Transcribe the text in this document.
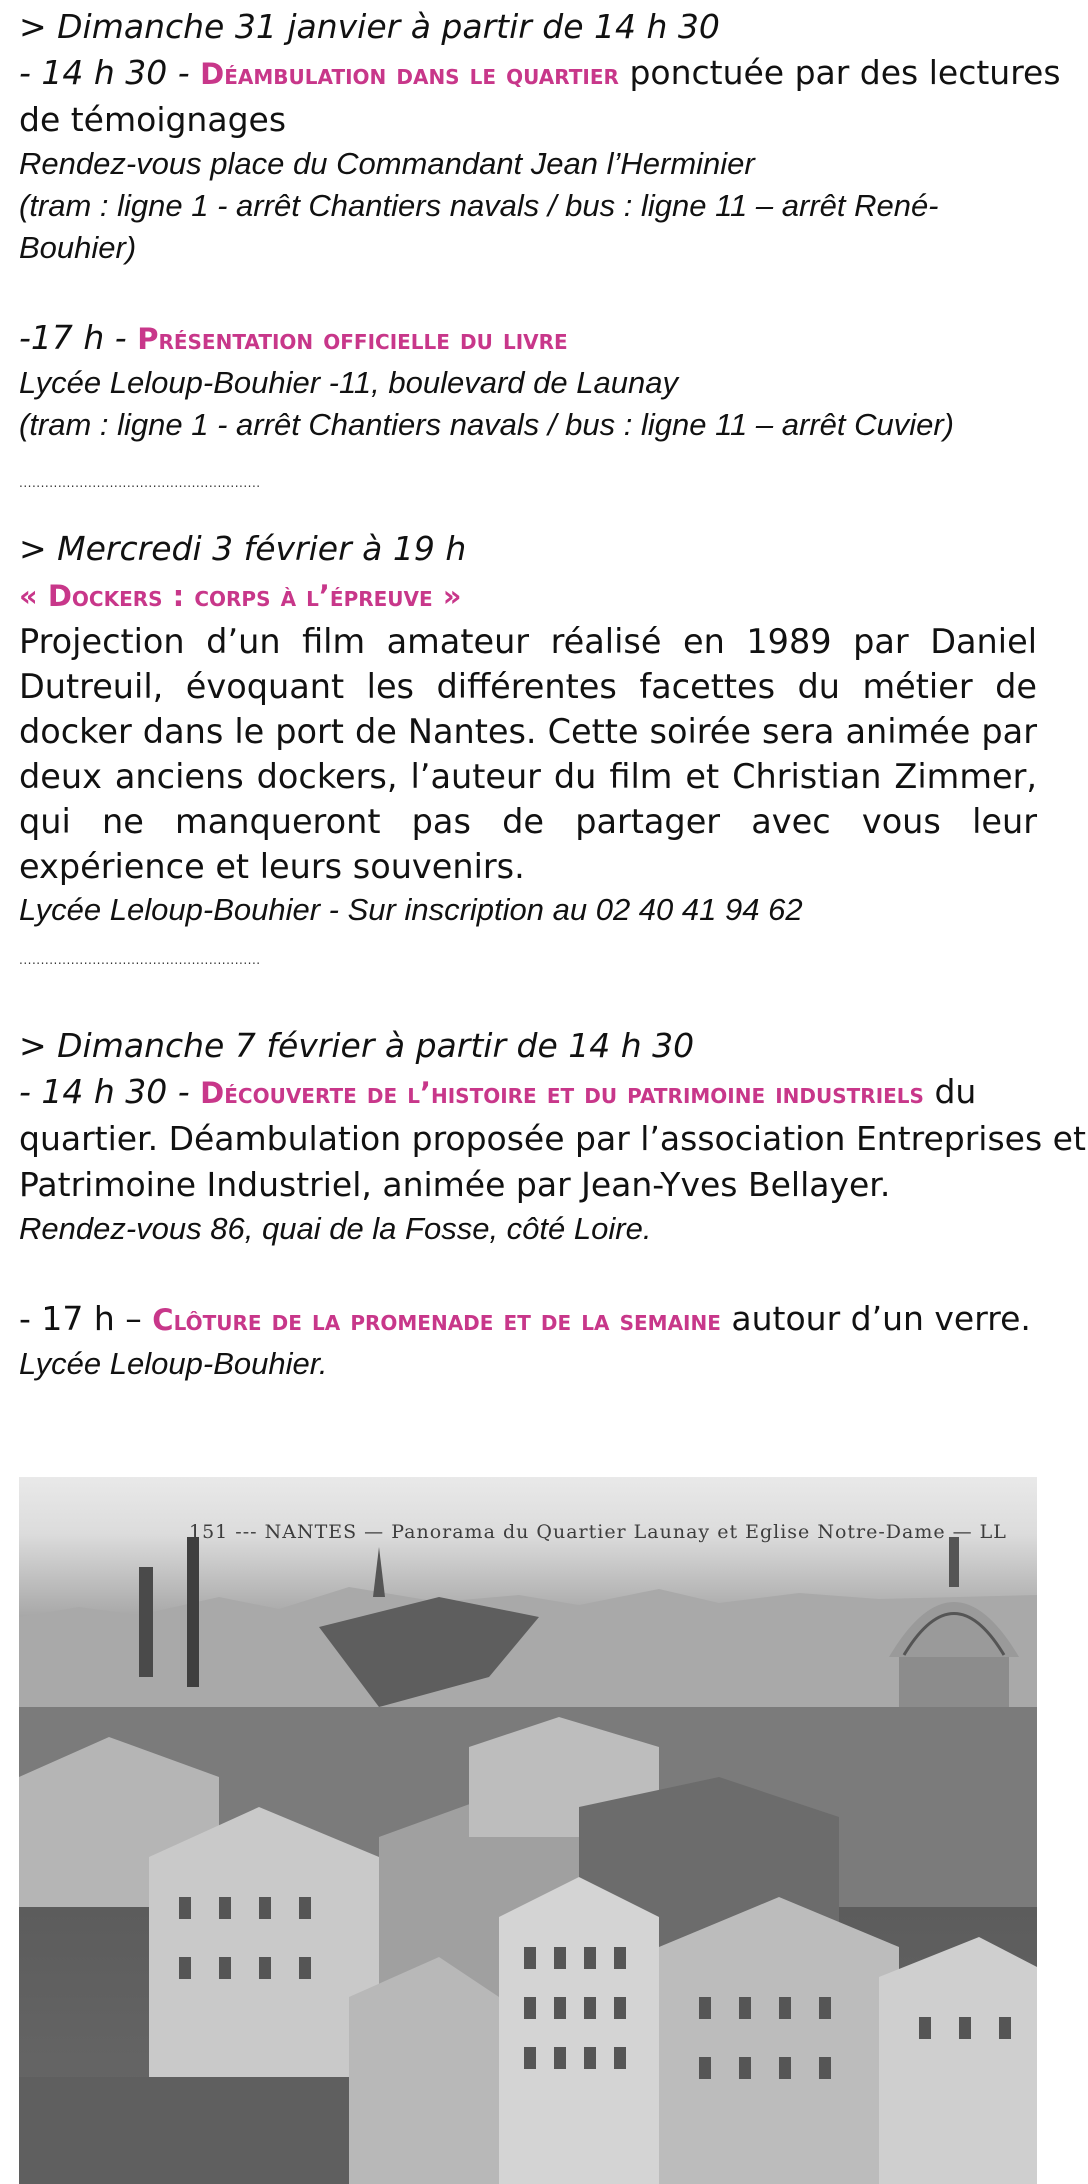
> Dimanche 31 janvier à partir de 14 h 30
- 14 h 30 - Déambulation dans le quartier ponctuée par des lectures
de témoignages
Rendez-vous place du Commandant Jean l’Herminier
(tram : ligne 1 - arrêt Chantiers navals / bus : ligne 11 – arrêt René-
Bouhier)
-17 h - Présentation officielle du livre
Lycée Leloup-Bouhier -11, boulevard de Launay
(tram : ligne 1 - arrêt Chantiers navals / bus : ligne 11 – arrêt Cuvier)
........................................................
> Mercredi 3 février à 19 h
« Dockers : corps à l’épreuve »
Projection d’un film amateur réalisé en 1989 par Daniel Dutreuil, évoquant les différentes facettes du métier de docker dans le port de Nantes. Cette soirée sera animée par deux anciens dockers, l’auteur du film et Christian Zimmer, qui ne manqueront pas de partager avec vous leur expérience et leurs souvenirs.
Lycée Leloup-Bouhier - Sur inscription au 02 40 41 94 62
........................................................
> Dimanche 7 février à partir de 14 h 30
- 14 h 30 - Découverte de l’histoire et du patrimoine industriels du
quartier. Déambulation proposée par l’association Entreprises et
Patrimoine Industriel, animée par Jean-Yves Bellayer.
Rendez-vous 86, quai de la Fosse, côté Loire.
- 17 h – Clôture de la promenade et de la semaine autour d’un verre.
Lycée Leloup-Bouhier.
151 --- NANTES — Panorama du Quartier Launay et Eglise Notre-Dame — LL
